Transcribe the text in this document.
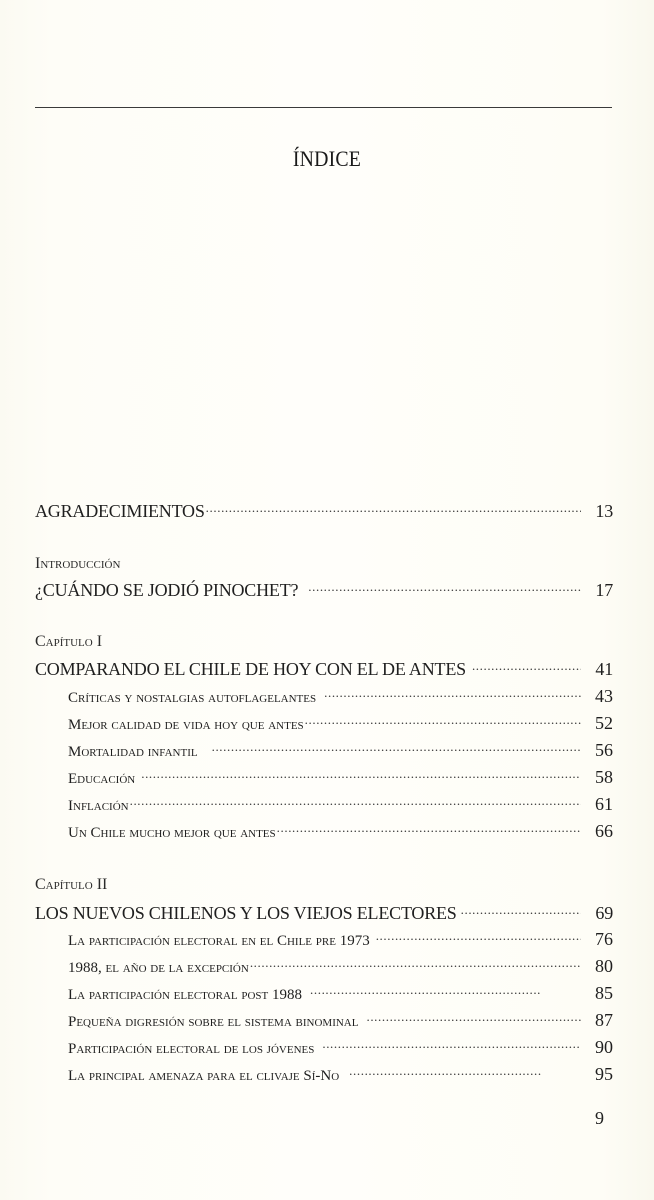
ÍNDICE
AGRADECIMIENTOS .....	13
Introducción
¿CUÁNDO SE JODIÓ PINOCHET? .....	17
Capítulo I
COMPARANDO EL CHILE DE HOY CON EL DE ANTES .....	41
Críticas y nostalgias autoflagelantes .....	43
Mejor calidad de vida hoy que antes .....	52
Mortalidad infantil .....	56
Educación .....	58
Inflación .....	61
Un Chile mucho mejor que antes .....	66
Capítulo II
LOS NUEVOS CHILENOS Y LOS VIEJOS ELECTORES .....	69
La participación electoral en el Chile pre 1973 .....	76
1988, el año de la excepción .....	80
La participación electoral post 1988 .....	85
Pequeña digresión sobre el sistema binominal .....	87
Participación electoral de los jóvenes .....	90
La principal amenaza para el clivaje Sí-No .....	95
9
